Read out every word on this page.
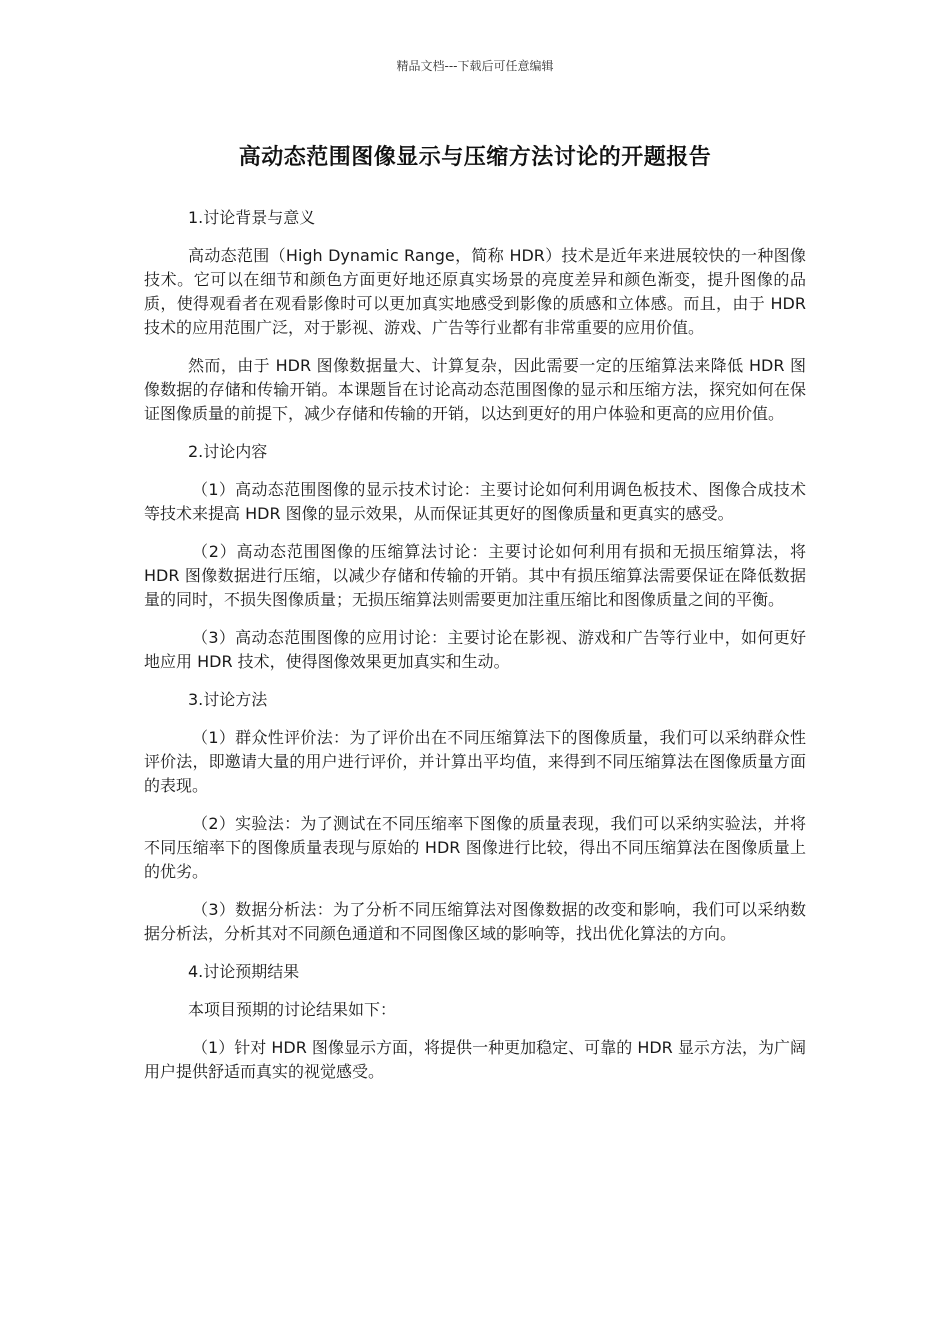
精品文档---下载后可任意编辑
高动态范围图像显示与压缩方法讨论的开题报告
1.讨论背景与意义
高动态范围（High Dynamic Range，简称 HDR）技术是近年来进展较快的一种图像技术。它可以在细节和颜色方面更好地还原真实场景的亮度差异和颜色渐变，提升图像的品质，使得观看者在观看影像时可以更加真实地感受到影像的质感和立体感。而且，由于 HDR 技术的应用范围广泛，对于影视、游戏、广告等行业都有非常重要的应用价值。
然而，由于 HDR 图像数据量大、计算复杂，因此需要一定的压缩算法来降低 HDR 图像数据的存储和传输开销。本课题旨在讨论高动态范围图像的显示和压缩方法，探究如何在保证图像质量的前提下，减少存储和传输的开销，以达到更好的用户体验和更高的应用价值。
2.讨论内容
（1）高动态范围图像的显示技术讨论：主要讨论如何利用调色板技术、图像合成技术等技术来提高 HDR 图像的显示效果，从而保证其更好的图像质量和更真实的感受。
（2）高动态范围图像的压缩算法讨论：主要讨论如何利用有损和无损压缩算法，将 HDR 图像数据进行压缩，以减少存储和传输的开销。其中有损压缩算法需要保证在降低数据量的同时，不损失图像质量；无损压缩算法则需要更加注重压缩比和图像质量之间的平衡。
（3）高动态范围图像的应用讨论：主要讨论在影视、游戏和广告等行业中，如何更好地应用 HDR 技术，使得图像效果更加真实和生动。
3.讨论方法
（1）群众性评价法：为了评价出在不同压缩算法下的图像质量，我们可以采纳群众性评价法，即邀请大量的用户进行评价，并计算出平均值，来得到不同压缩算法在图像质量方面的表现。
（2）实验法：为了测试在不同压缩率下图像的质量表现，我们可以采纳实验法，并将不同压缩率下的图像质量表现与原始的 HDR 图像进行比较，得出不同压缩算法在图像质量上的优劣。
（3）数据分析法：为了分析不同压缩算法对图像数据的改变和影响，我们可以采纳数据分析法，分析其对不同颜色通道和不同图像区域的影响等，找出优化算法的方向。
4.讨论预期结果
本项目预期的讨论结果如下：
（1）针对 HDR 图像显示方面，将提供一种更加稳定、可靠的 HDR 显示方法，为广阔用户提供舒适而真实的视觉感受。
